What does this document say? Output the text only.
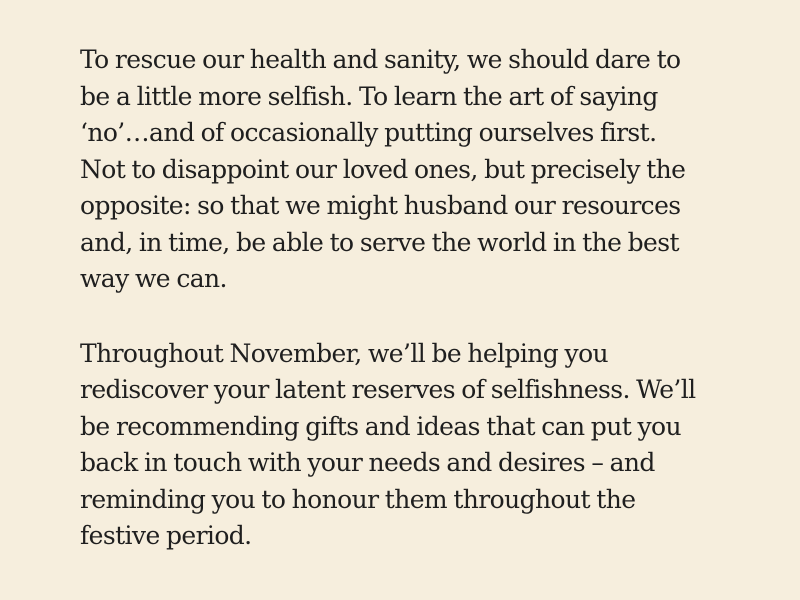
To rescue our health and sanity, we should dare to
be a little more selfish. To learn the art of saying
‘no’…and of occasionally putting ourselves first.
Not to disappoint our loved ones, but precisely the
opposite: so that we might husband our resources
and, in time, be able to serve the world in the best
way we can.

Throughout November, we’ll be helping you
rediscover your latent reserves of selfishness. We’ll
be recommending gifts and ideas that can put you
back in touch with your needs and desires – and
reminding you to honour them throughout the
festive period.
